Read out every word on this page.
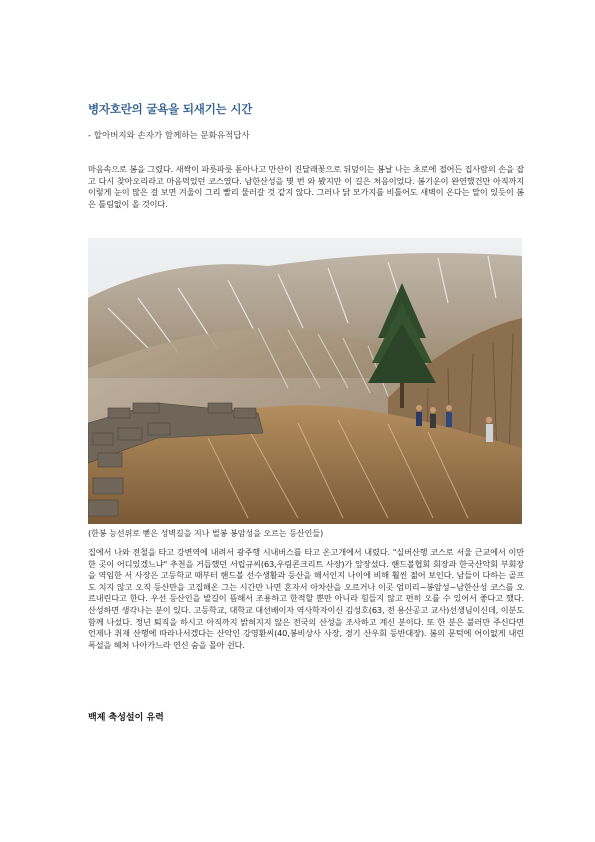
병자호란의 굴욕을 되새기는 시간
- 할아버지와 손자가 함께하는 문화유적답사
마음속으로 봄을 그렸다. 새싹이 파릇파릇 돋아나고 만산이 진달래꽃으로 뒤덮이는 봄날 나는 초로에 접어든 집사람의 손을 잡고 다시 찾아오리라고 마음먹었던 코스였다. 남한산성을 몇 번 와 봤지만 이 길은 처음이었다. 봄기운이 완연했건만 아직까지 이렇게 눈이 많은 걸 보면 겨울이 그리 빨리 물러갈 것 같지 않다. 그러나 닭 모가지를 비틀어도 새벽이 온다는 말이 있듯이 봄은 틀림없이 올 것이다.
(한봉 능선위로 뻗은 성벽길을 지나 벌봉 봉암성을 오르는 등산인들)
집에서 나와 전철을 타고 강변역에 내려서 광주행 시내버스를 타고 온고개에서 내렸다. "실버산행 코스로 서울 근교에서 이만한 곳이 어디있겠느냐" 추천을 거듭했던 서립규씨(63,우림콘크리트 사장)가 앞장섰다. 핸드볼협회 회장과 한국산악회 부회장을 역임한 서 사장은 고등학교 때부터 핸드볼 선수생활과 등산을 해서인지 나이에 비해 훨씬 젊어 보인다. 남들이 다하는 골프도 치지 않고 오직 등산만을 고집해온 그는 시간만 나면 혼자서 아차산을 오르거나 이곳 엄미리~봉암성~남한산성 코스를 오르내린다고 한다. 우선 등산인을 발길이 뜸해서 조용하고 한적할 뿐만 아니라 힘들지 않고 편히 오를 수 있어서 좋다고 했다. 산성하면 생각나는 분이 있다. 고등학교, 대학교 대선배이자 역사학자이신 김성호(63, 전 용산공고 교사)선생님이신데, 이분도 함께 나섰다. 정년 퇴직을 하시고 아직까지 밝혀지지 않은 전국의 산성을 조사하고 계신 분이다. 또 한 분은 불러만 주신다면 언제나 취재 산행에 따라나서겠다는 산악인 강영환씨(40,봉비상사 사장, 경기 산우회 등반대장). 봄의 문턱에 어이없게 내린 폭설을 헤쳐 나아가느라 연신 숨을 몰아 쉰다.
백제 축성설이 유력
